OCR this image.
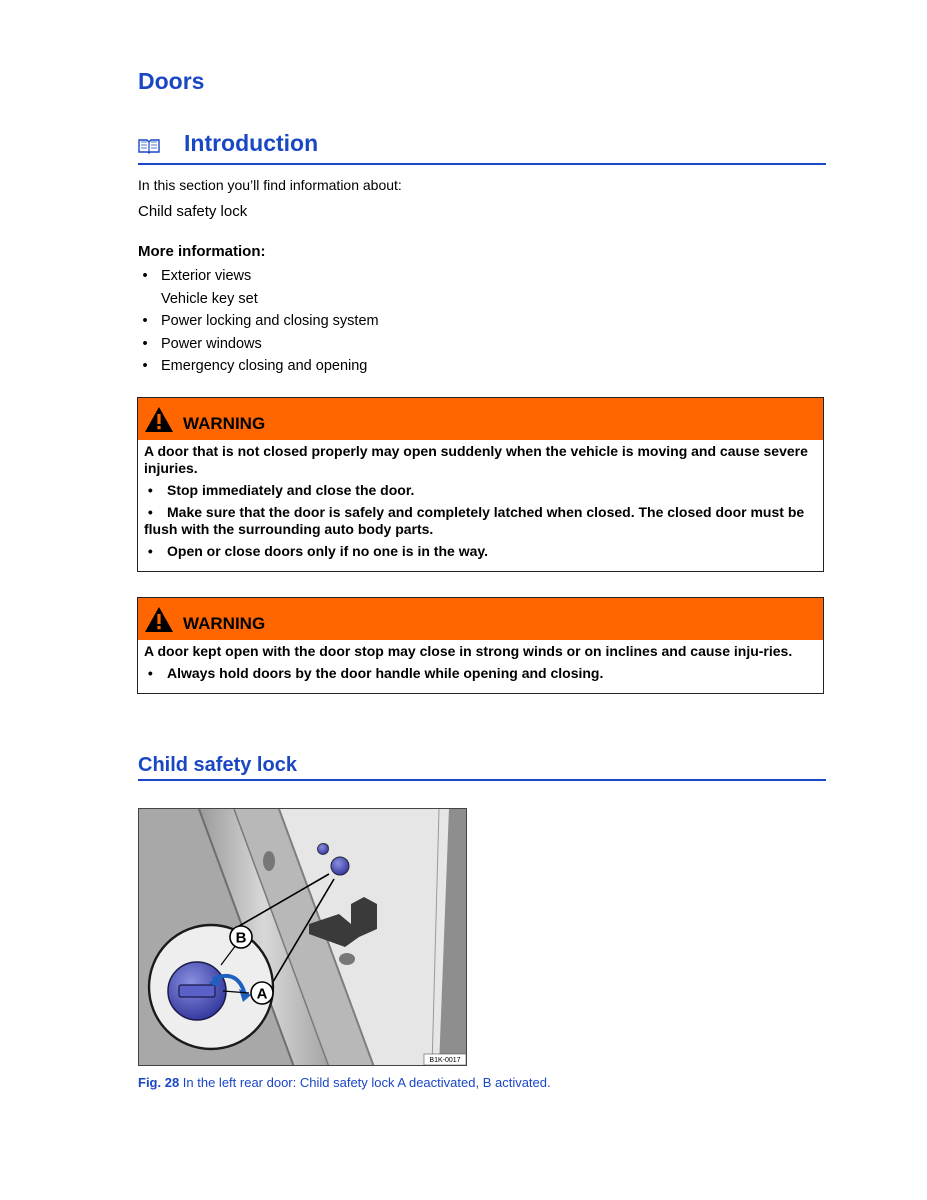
Doors
Introduction

In this section you’ll find information about:

Child safety lock

More information:

• Exterior views
Vehicle key set
• Power locking and closing system
• Power windows
• Emergency closing and opening
WARNING

A door that is not closed properly may open suddenly when the vehicle is moving and cause severe injuries.

• Stop immediately and close the door.
• Make sure that the door is safely and completely latched when closed. The closed door must be flush with the surrounding auto body parts.
• Open or close doors only if no one is in the way.
WARNING

A door kept open with the door stop may close in strong winds or on inclines and cause inju-ries.

• Always hold doors by the door handle while opening and closing.
Child safety lock
B
A
B1K-0017

Fig. 28 In the left rear door: Child safety lock A deactivated, B activated.
